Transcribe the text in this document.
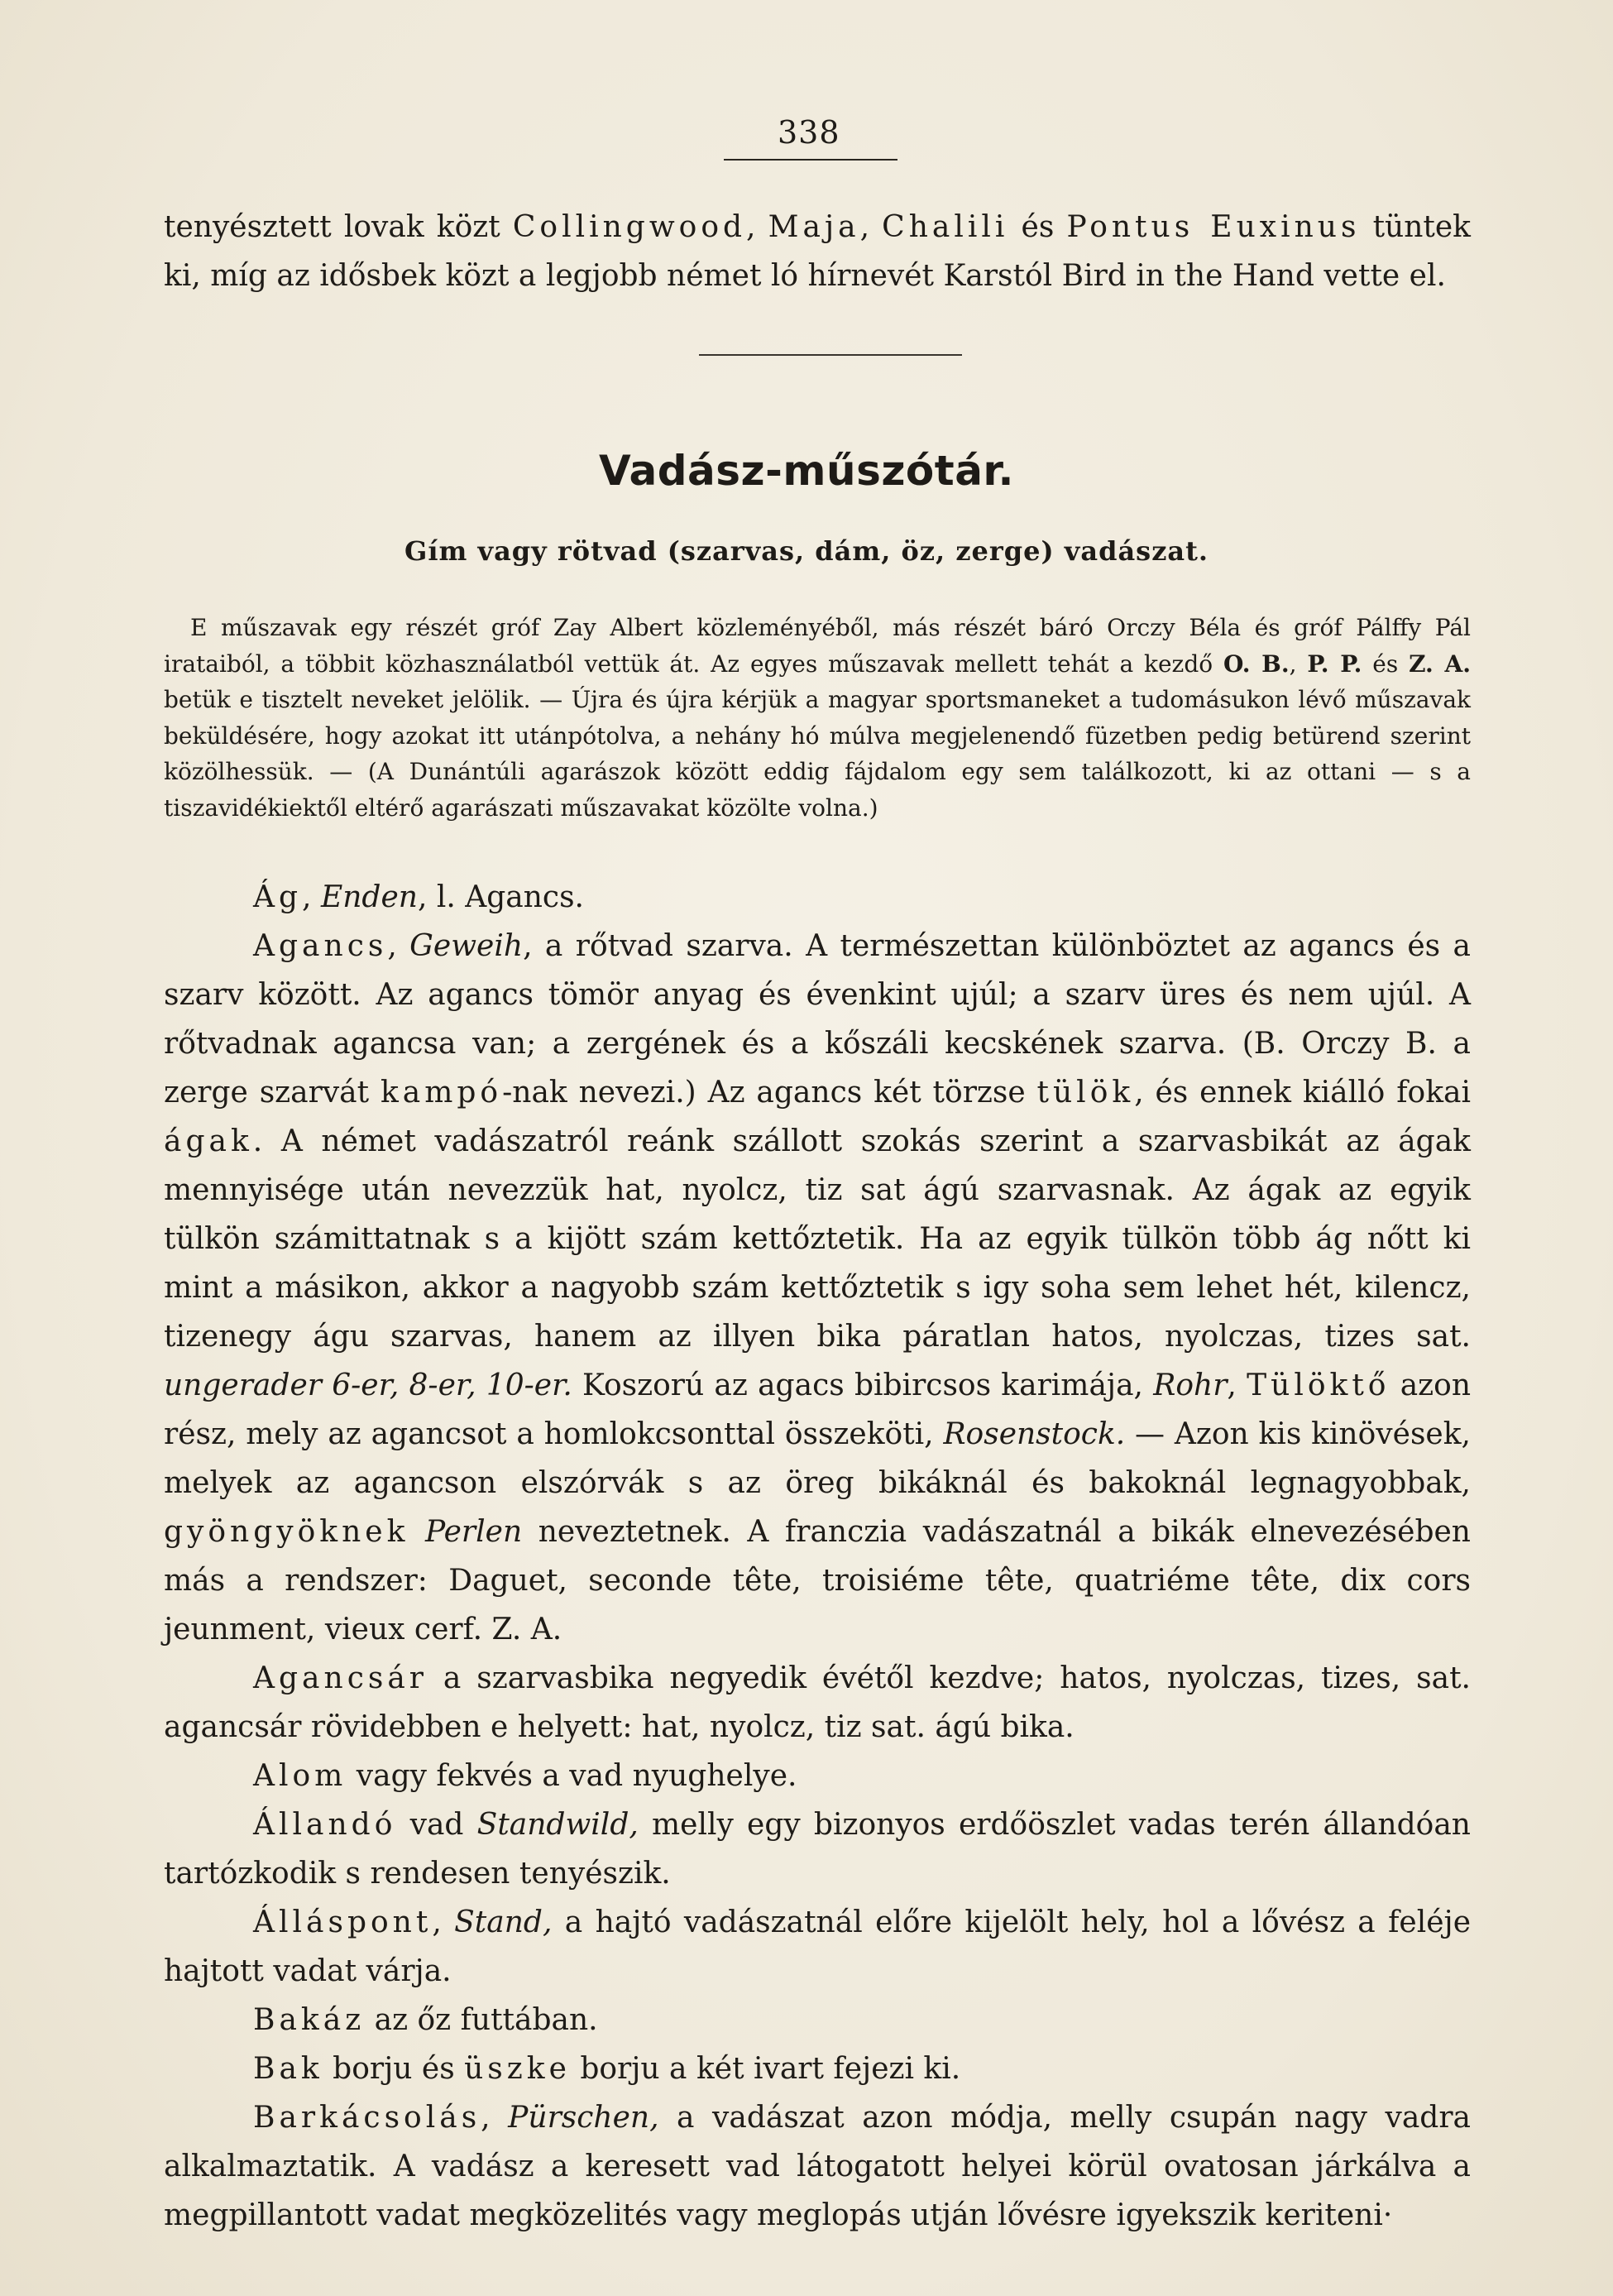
338

tenyésztett lovak közt Collingwood, Maja, Chalili és Pontus Euxinus tüntek ki, míg az idősbek közt a legjobb német ló hírnevét Karstól Bird in the Hand vette el.

Vadász-műszótár.
Gím vagy rötvad (szarvas, dám, öz, zerge) vadászat.

E műszavak egy részét gróf Zay Albert közleményéből, más részét báró Orczy Béla és gróf Pálffy Pál irataiból, a többit közhasználatból vettük át. Az egyes műszavak mellett tehát a kezdő O. B., P. P. és Z. A. betük e tisztelt neveket jelölik. — Újra és újra kérjük a magyar sportsmaneket a tudomásukon lévő műszavak beküldésére, hogy azokat itt utánpótolva, a nehány hó múlva megjelenendő füzetben pedig betürend szerint közölhessük. — (A Dunántúli agarászok között eddig fájdalom egy sem találkozott, ki az ottani — s a tiszavidékiektől eltérő agarászati műszavakat közölte volna.)

Ág, Enden, l. Agancs.

Agancs, Geweih, a rőtvad szarva. A természettan különböztet az agancs és a szarv között. Az agancs tömör anyag és évenkint ujúl; a szarv üres és nem ujúl. A rőtvadnak agancsa van; a zergének és a kőszáli kecskének szarva. (B. Orczy B. a zerge szarvát kampó-nak nevezi.) Az agancs két törzse tülök, és ennek kiálló fokai ágak. A német vadászatról reánk szállott szokás szerint a szarvasbikát az ágak mennyisége után nevezzük hat, nyolcz, tiz sat ágú szarvasnak. Az ágak az egyik tülkön számittatnak s a kijött szám kettőztetik. Ha az egyik tülkön több ág nőtt ki mint a másikon, akkor a nagyobb szám kettőztetik s igy soha sem lehet hét, kilencz, tizenegy águ szarvas, hanem az illyen bika páratlan hatos, nyolczas, tizes sat. ungerader 6-er, 8-er, 10-er. Koszorú az agacs bibircsos karimája, Rohr, Tülöktő azon rész, mely az agancsot a homlokcsonttal összeköti, Rosenstock. — Azon kis kinövések, melyek az agancson elszórvák s az öreg bikáknál és bakoknál legnagyobbak, gyöngyöknek Perlen neveztetnek. A franczia vadászatnál a bikák elnevezésében más a rendszer: Daguet, seconde tête, troisiéme tête, quatriéme tête, dix cors jeunment, vieux cerf. Z. A.

Agancsár a szarvasbika negyedik évétől kezdve; hatos, nyolczas, tizes, sat. agancsár rövidebben e helyett: hat, nyolcz, tiz sat. ágú bika.

Alom vagy fekvés a vad nyughelye.

Állandó vad Standwild, melly egy bizonyos erdőöszlet vadas terén állandóan tartózkodik s rendesen tenyészik.

Álláspont, Stand, a hajtó vadászatnál előre kijelölt hely, hol a lővész a feléje hajtott vadat várja.

Bakáz az őz futtában.

Bak borju és üszke borju a két ivart fejezi ki.

Barkácsolás, Pürschen, a vadászat azon módja, melly csupán nagy vadra alkalmaztatik. A vadász a keresett vad látogatott helyei körül ovatosan járkálva a megpillantott vadat megközelités vagy meglopás utján lővésre igyekszik keriteni·
